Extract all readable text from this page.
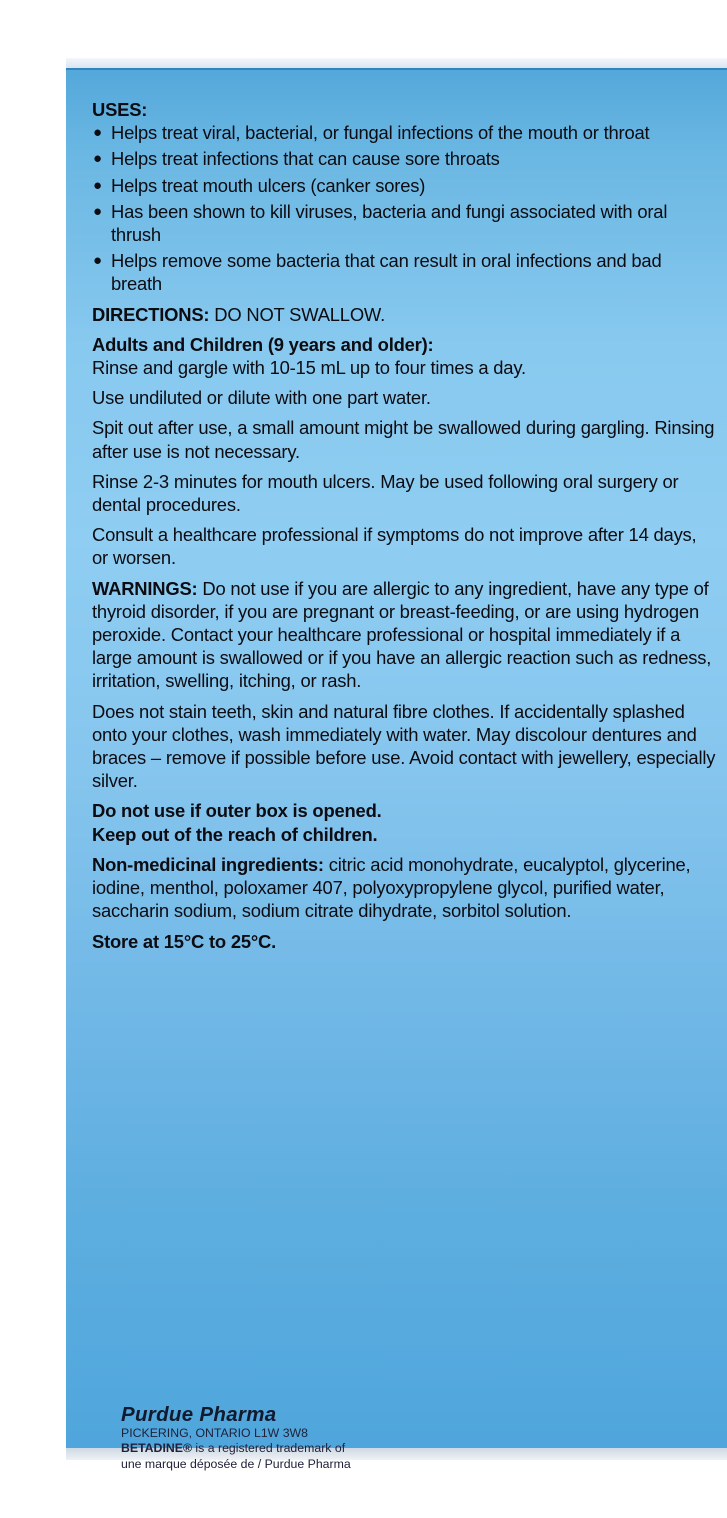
USES:

● Helps treat viral, bacterial, or fungal infections of the mouth or throat
● Helps treat infections that can cause sore throats
● Helps treat mouth ulcers (canker sores)
● Has been shown to kill viruses, bacteria and fungi associated with oral thrush
● Helps remove some bacteria that can result in oral infections and bad breath

DIRECTIONS: DO NOT SWALLOW.

Adults and Children (9 years and older):

Rinse and gargle with 10-15 mL up to four times a day.

Use undiluted or dilute with one part water.

Spit out after use, a small amount might be swallowed during gargling. Rinsing after use is not necessary.

Rinse 2-3 minutes for mouth ulcers. May be used following oral surgery or dental procedures.

Consult a healthcare professional if symptoms do not improve after 14 days, or worsen.

WARNINGS: Do not use if you are allergic to any ingredient, have any type of thyroid disorder, if you are pregnant or breast-feeding, or are using hydrogen peroxide. Contact your healthcare professional or hospital immediately if a large amount is swallowed or if you have an allergic reaction such as redness, irritation, swelling, itching, or rash.

Does not stain teeth, skin and natural fibre clothes. If accidentally splashed onto your clothes, wash immediately with water. May discolour dentures and braces – remove if possible before use. Avoid contact with jewellery, especially silver.

Do not use if outer box is opened.

Keep out of the reach of children.

Non-medicinal ingredients: citric acid monohydrate, eucalyptol, glycerine, iodine, menthol, poloxamer 407, polyoxypropylene glycol, purified water, saccharin sodium, sodium citrate dihydrate, sorbitol solution.

Store at 15°C to 25°C.

Purdue Pharma
PICKERING, ONTARIO L1W 3W8
BETADINE® is a registered trademark of
une marque déposée de / Purdue Pharma
